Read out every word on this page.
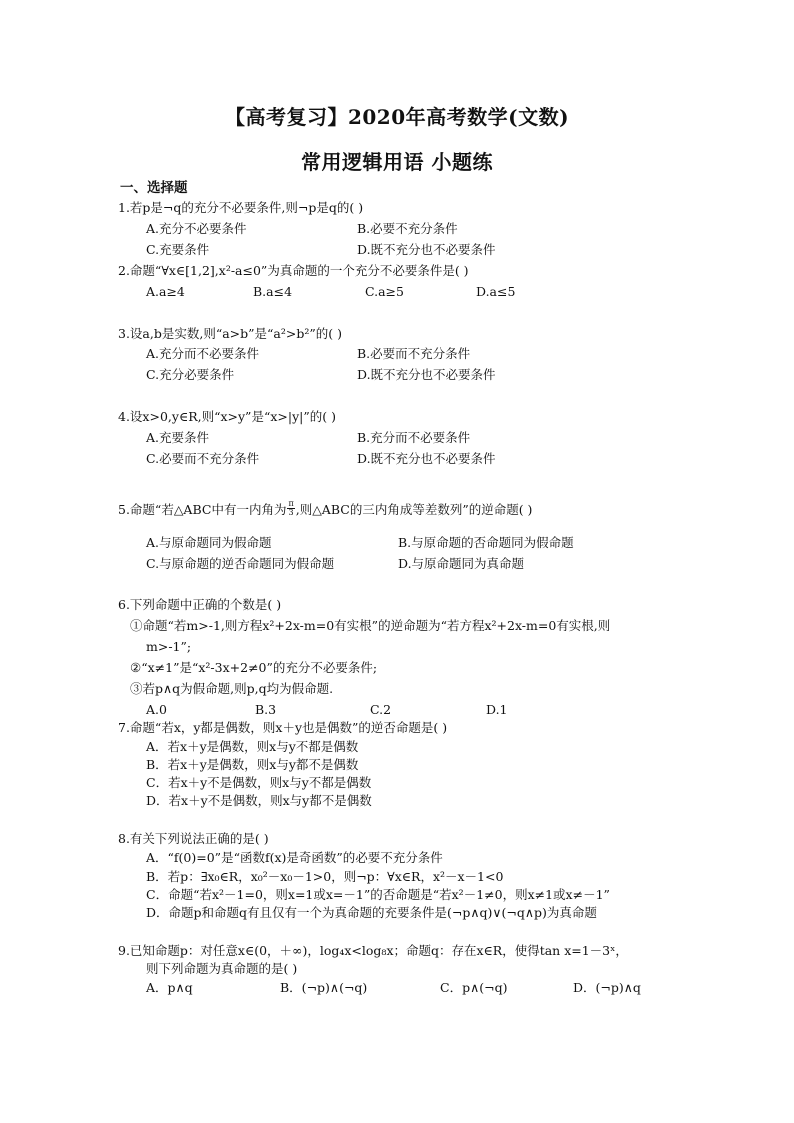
【高考复习】2020年高考数学(文数)
常用逻辑用语 小题练
一、选择题
1.若p是¬q的充分不必要条件,则¬p是q的( )
A.充分不必要条件	B.必要不充分条件
C.充要条件	D.既不充分也不必要条件
2.命题“∀x∈[1,2],x²-a≤0”为真命题的一个充分不必要条件是( )
A.a≥4	B.a≤4	C.a≥5	D.a≤5
3.设a,b是实数,则“a>b”是“a²>b²”的( )
A.充分而不必要条件	B.必要而不充分条件
C.充分必要条件	D.既不充分也不必要条件
4.设x>0,y∈R,则“x>y”是“x>|y|”的( )
A.充要条件	B.充分而不必要条件
C.必要而不充分条件	D.既不充分也不必要条件
5.命题“若△ABC中有一内角为 $\frac{\pi}{3}$ ,则△ABC的三内角成等差数列”的逆命题( )
A.与原命题同为假命题	B.与原命题的否命题同为假命题
C.与原命题的逆否命题同为假命题	D.与原命题同为真命题
6.下列命题中正确的个数是( )
①命题“若m>-1,则方程x²+2x-m=0有实根”的逆命题为“若方程x²+2x-m=0有实根,则
m>-1”;
②“x≠1”是“x²-3x+2≠0”的充分不必要条件;
③若p∧q为假命题,则p,q均为假命题.
A.0	B.3	C.2	D.1
7.命题“若x，y都是偶数，则x＋y也是偶数”的逆否命题是( )
A．若x＋y是偶数，则x与y不都是偶数
B．若x＋y是偶数，则x与y都不是偶数
C．若x＋y不是偶数，则x与y不都是偶数
D．若x＋y不是偶数，则x与y都不是偶数
8.有关下列说法正确的是( )
A．“f(0)=0”是“函数f(x)是奇函数”的必要不充分条件
B．若p：∃x₀∈R，x₀²－x₀－1>0，则¬p：∀x∈R，x²－x－1<0
C．命题“若x²－1=0，则x=1或x=－1”的否命题是“若x²－1≠0，则x≠1或x≠－1”
D．命题p和命题q有且仅有一个为真命题的充要条件是(¬p∧q)∨(¬q∧p)为真命题
9.已知命题p：对任意x∈(0，＋∞)，log₄x<log₈x；命题q：存在x∈R，使得tan x=1－3ˣ，
则下列命题为真命题的是( )
A．p∧q	B．(¬p)∧(¬q)	C．p∧(¬q)	D．(¬p)∧q
